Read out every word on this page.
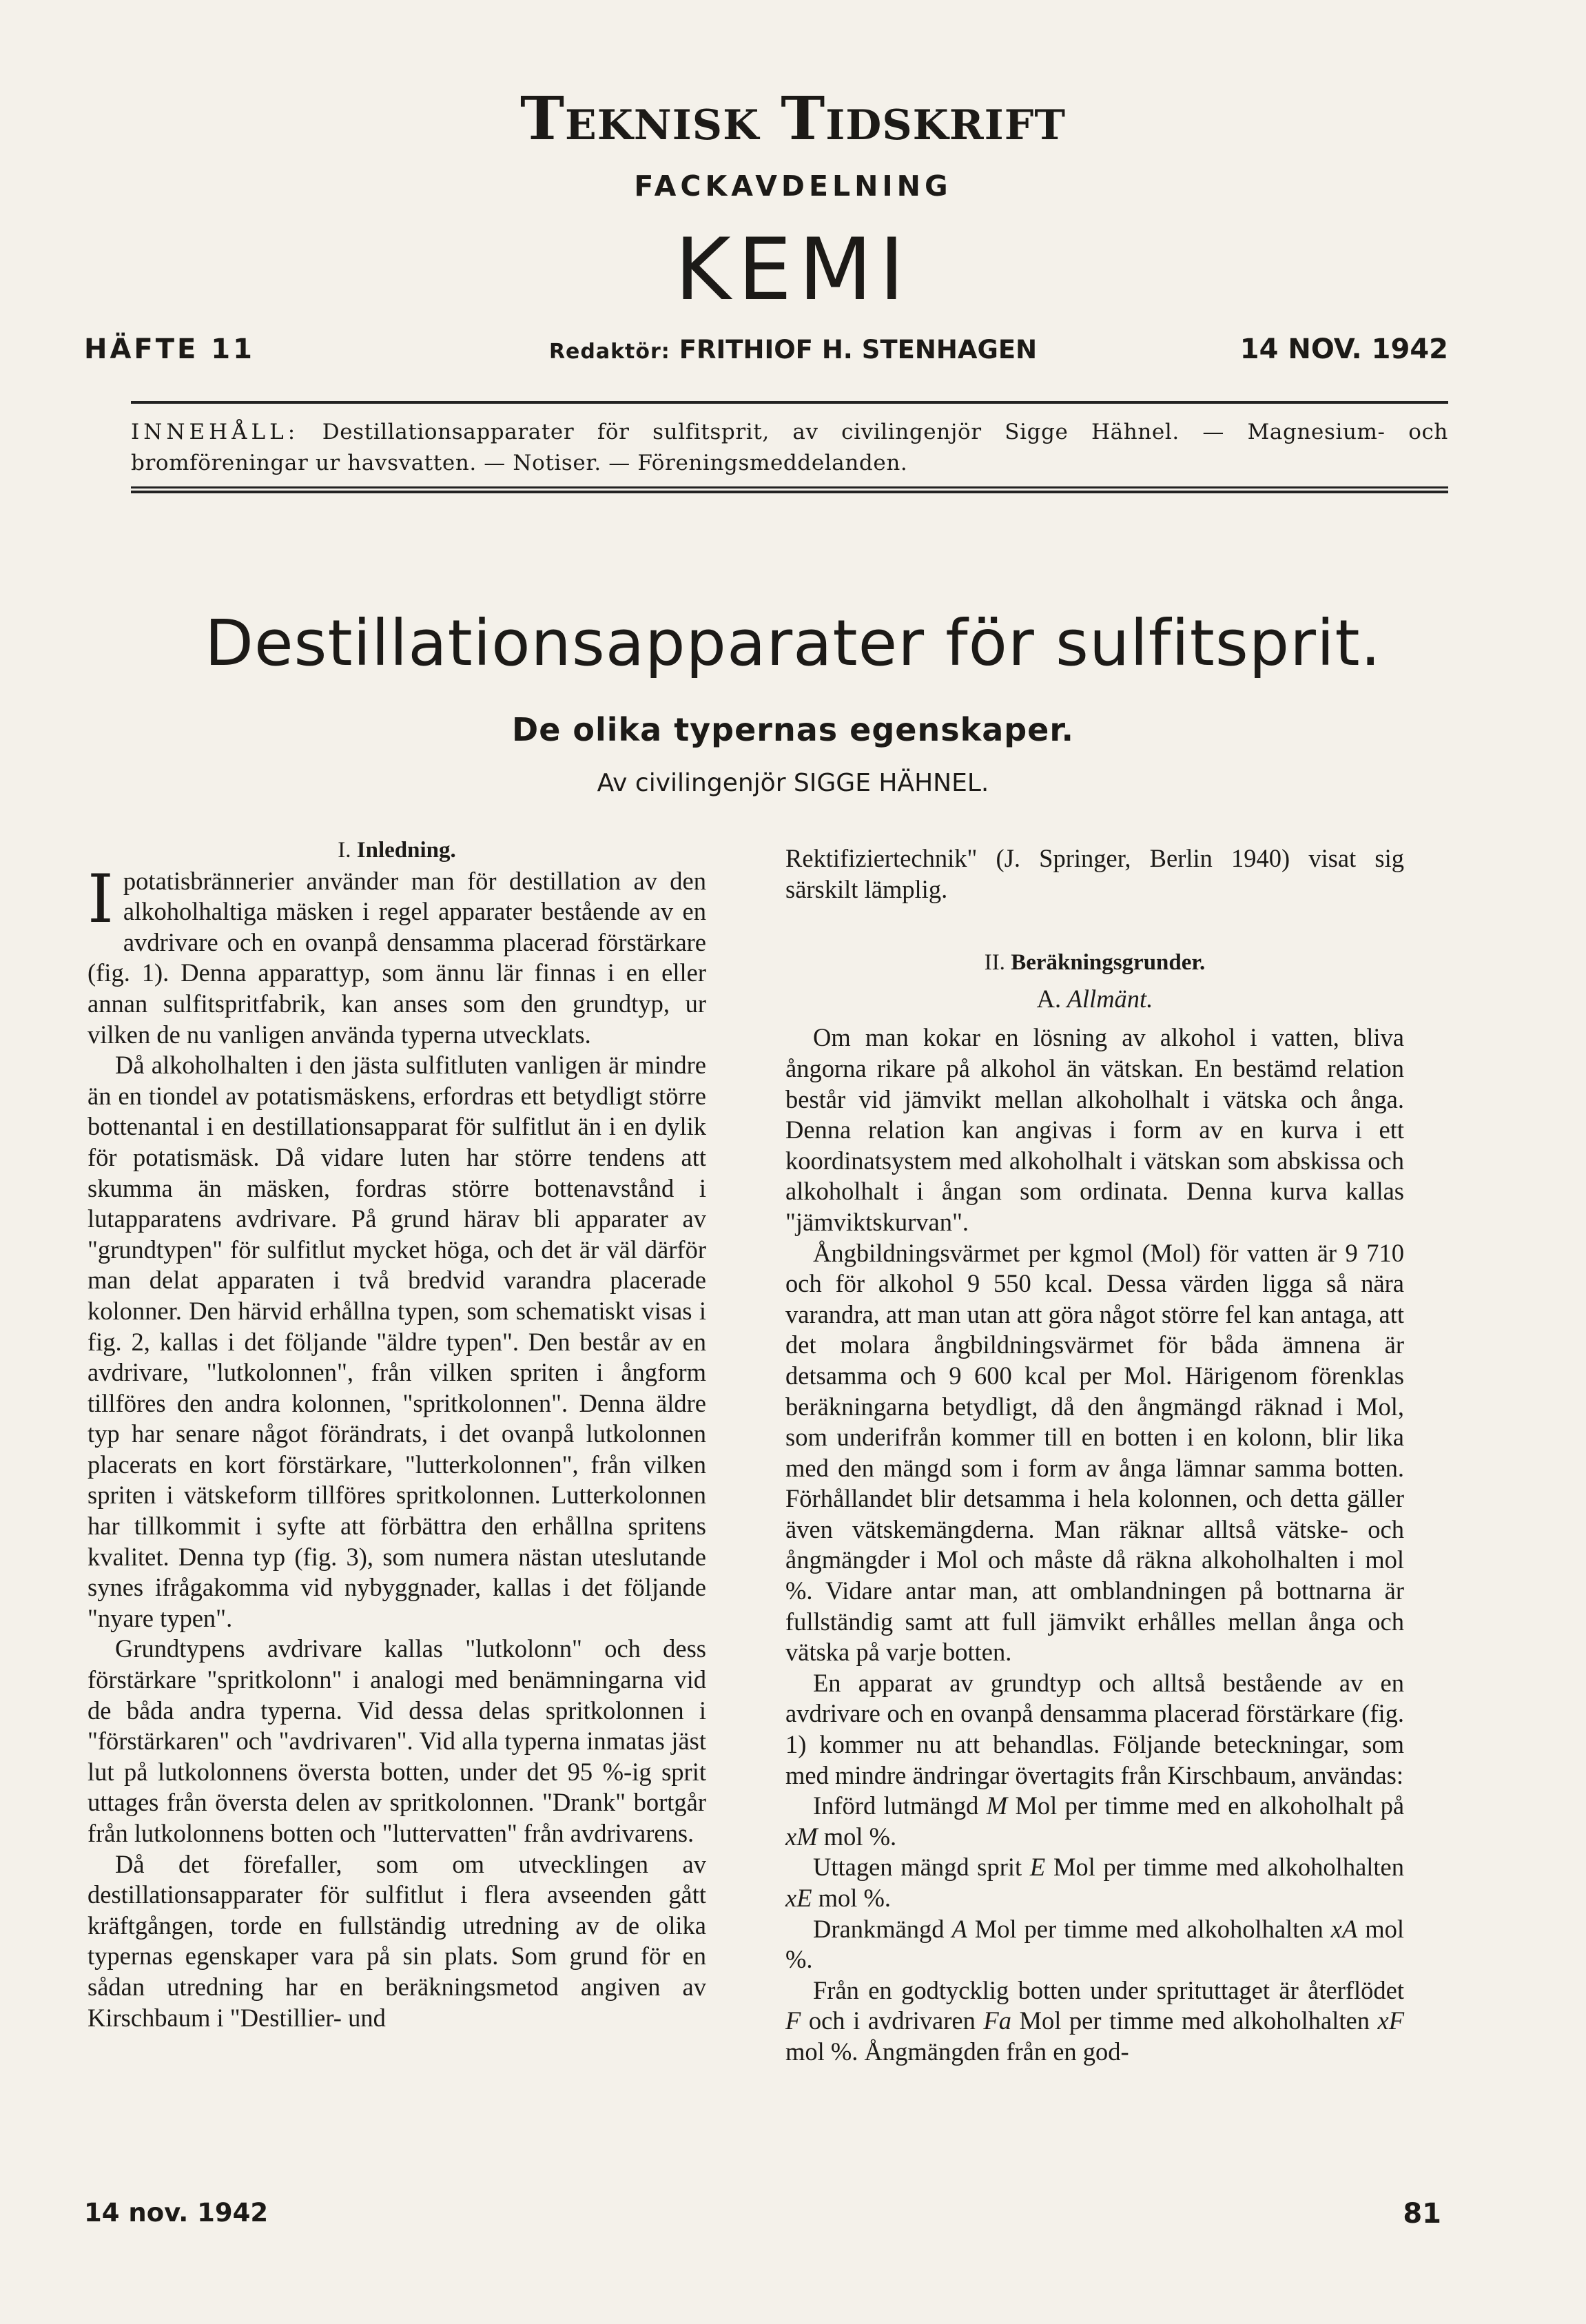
Teknisk Tidskrift
FACKAVDELNING
KEMI
HÄFTE 11	Redaktör: FRITHIOF H. STENHAGEN	14 NOV. 1942
INNEHÅLL: Destillationsapparater för sulfitsprit, av civilingenjör Sigge Hähnel. — Magnesium- och bromföreningar ur havsvatten. — Notiser. — Föreningsmeddelanden.
Destillationsapparater för sulfitsprit.
De olika typernas egenskaper.
Av civilingenjör SIGGE HÄHNEL.
I. Inledning.

Ipotatisbrännerier använder man för destillation av den alkoholhaltiga mäsken i regel apparater bestående av en avdrivare och en ovanpå densamma placerad förstärkare (fig. 1). Denna apparattyp, som ännu lär finnas i en eller annan sulfitspritfabrik, kan anses som den grundtyp, ur vilken de nu vanligen använda typerna utvecklats.

Då alkoholhalten i den jästa sulfitluten vanligen är mindre än en tiondel av potatismäskens, erfordras ett betydligt större bottenantal i en destillationsapparat för sulfitlut än i en dylik för potatismäsk. Då vidare luten har större tendens att skumma än mäsken, fordras större bottenavstånd i lutapparatens avdrivare. På grund härav bli apparater av "grundtypen" för sulfitlut mycket höga, och det är väl därför man delat apparaten i två bredvid varandra placerade kolonner. Den härvid erhållna typen, som schematiskt visas i fig. 2, kallas i det följande "äldre typen". Den består av en avdrivare, "lutkolonnen", från vilken spriten i ångform tillföres den andra kolonnen, "spritkolonnen". Denna äldre typ har senare något förändrats, i det ovanpå lutkolonnen placerats en kort förstärkare, "lutterkolonnen", från vilken spriten i vätskeform tillföres spritkolonnen. Lutterkolonnen har tillkommit i syfte att förbättra den erhållna spritens kvalitet. Denna typ (fig. 3), som numera nästan uteslutande synes ifrågakomma vid nybyggnader, kallas i det följande "nyare typen".

Grundtypens avdrivare kallas "lutkolonn" och dess förstärkare "spritkolonn" i analogi med benämningarna vid de båda andra typerna. Vid dessa delas spritkolonnen i "förstärkaren" och "avdrivaren". Vid alla typerna inmatas jäst lut på lutkolonnens översta botten, under det 95 %-ig sprit uttages från översta delen av spritkolonnen. "Drank" bortgår från lutkolonnens botten och "luttervatten" från avdrivarens.

Då det förefaller, som om utvecklingen av destillationsapparater för sulfitlut i flera avseenden gått kräftgången, torde en fullständig utredning av de olika typernas egenskaper vara på sin plats. Som grund för en sådan utredning har en beräkningsmetod angiven av Kirschbaum i "Destillier- und

Rektifiziertechnik" (J. Springer, Berlin 1940) visat sig särskilt lämplig.

II. Beräkningsgrunder.
A. Allmänt.

Om man kokar en lösning av alkohol i vatten, bliva ångorna rikare på alkohol än vätskan. En bestämd relation består vid jämvikt mellan alkoholhalt i vätska och ånga. Denna relation kan angivas i form av en kurva i ett koordinatsystem med alkoholhalt i vätskan som abskissa och alkoholhalt i ångan som ordinata. Denna kurva kallas "jämviktskurvan".

Ångbildningsvärmet per kgmol (Mol) för vatten är 9 710 och för alkohol 9 550 kcal. Dessa värden ligga så nära varandra, att man utan att göra något större fel kan antaga, att det molara ångbildningsvärmet för båda ämnena är detsamma och 9 600 kcal per Mol. Härigenom förenklas beräkningarna betydligt, då den ångmängd räknad i Mol, som underifrån kommer till en botten i en kolonn, blir lika med den mängd som i form av ånga lämnar samma botten. Förhållandet blir detsamma i hela kolonnen, och detta gäller även vätskemängderna. Man räknar alltså vätske- och ångmängder i Mol och måste då räkna alkoholhalten i mol %. Vidare antar man, att omblandningen på bottnarna är fullständig samt att full jämvikt erhålles mellan ånga och vätska på varje botten.

En apparat av grundtyp och alltså bestående av en avdrivare och en ovanpå densamma placerad förstärkare (fig. 1) kommer nu att behandlas. Följande beteckningar, som med mindre ändringar övertagits från Kirschbaum, användas:

Införd lutmängd M Mol per timme med en alkoholhalt på xM mol %.

Uttagen mängd sprit E Mol per timme med alkoholhalten xE mol %.

Drankmängd A Mol per timme med alkoholhalten xA mol %.

Från en godtycklig botten under sprituttaget är återflödet F och i avdrivaren Fa Mol per timme med alkoholhalten xF mol %. Ångmängden från en god-

14 nov. 1942	81
